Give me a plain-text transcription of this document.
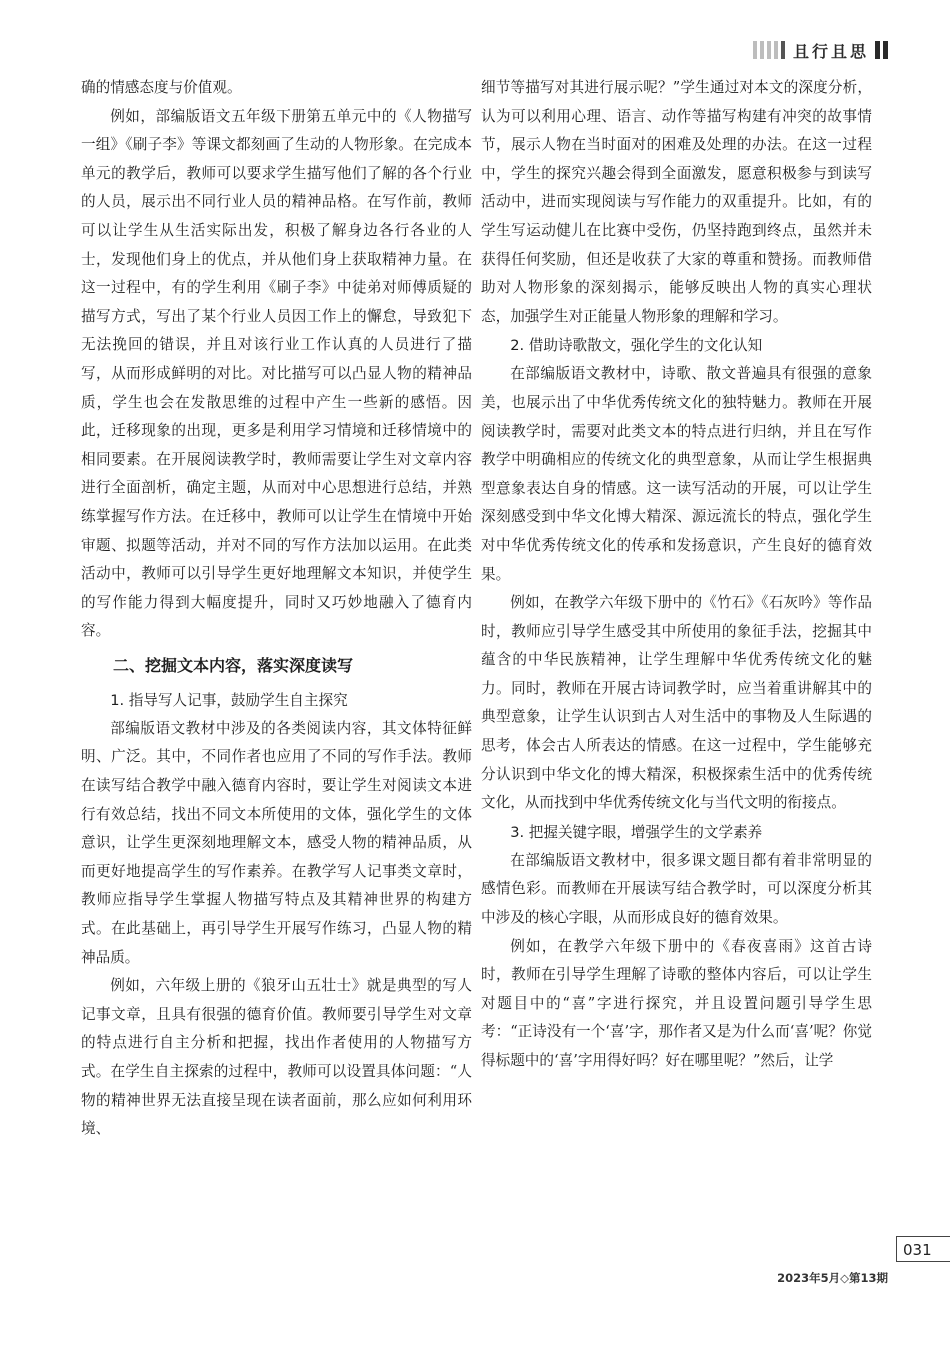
且行且思

确的情感态度与价值观。

例如，部编版语文五年级下册第五单元中的《人物描写一组》《刷子李》等课文都刻画了生动的人物形象。在完成本单元的教学后，教师可以要求学生描写他们了解的各个行业的人员，展示出不同行业人员的精神品格。在写作前，教师可以让学生从生活实际出发，积极了解身边各行各业的人士，发现他们身上的优点，并从他们身上获取精神力量。在这一过程中，有的学生利用《刷子李》中徒弟对师傅质疑的描写方式，写出了某个行业人员因工作上的懈怠，导致犯下无法挽回的错误，并且对该行业工作认真的人员进行了描写，从而形成鲜明的对比。对比描写可以凸显人物的精神品质，学生也会在发散思维的过程中产生一些新的感悟。因此，迁移现象的出现，更多是利用学习情境和迁移情境中的相同要素。在开展阅读教学时，教师需要让学生对文章内容进行全面剖析，确定主题，从而对中心思想进行总结，并熟练掌握写作方法。在迁移中，教师可以让学生在情境中开始审题、拟题等活动，并对不同的写作方法加以运用。在此类活动中，教师可以引导学生更好地理解文本知识，并使学生的写作能力得到大幅度提升，同时又巧妙地融入了德育内容。

二、挖掘文本内容，落实深度读写
1. 指导写人记事，鼓励学生自主探究

部编版语文教材中涉及的各类阅读内容，其文体特征鲜明、广泛。其中，不同作者也应用了不同的写作手法。教师在读写结合教学中融入德育内容时，要让学生对阅读文本进行有效总结，找出不同文本所使用的文体，强化学生的文体意识，让学生更深刻地理解文本，感受人物的精神品质，从而更好地提高学生的写作素养。在教学写人记事类文章时，教师应指导学生掌握人物描写特点及其精神世界的构建方式。在此基础上，再引导学生开展写作练习，凸显人物的精神品质。

例如，六年级上册的《狼牙山五壮士》就是典型的写人记事文章，且具有很强的德育价值。教师要引导学生对文章的特点进行自主分析和把握，找出作者使用的人物描写方式。在学生自主探索的过程中，教师可以设置具体问题：“人物的精神世界无法直接呈现在读者面前，那么应如何利用环境、

细节等描写对其进行展示呢？”学生通过对本文的深度分析，认为可以利用心理、语言、动作等描写构建有冲突的故事情节，展示人物在当时面对的困难及处理的办法。在这一过程中，学生的探究兴趣会得到全面激发，愿意积极参与到读写活动中，进而实现阅读与写作能力的双重提升。比如，有的学生写运动健儿在比赛中受伤，仍坚持跑到终点，虽然并未获得任何奖励，但还是收获了大家的尊重和赞扬。而教师借助对人物形象的深刻揭示，能够反映出人物的真实心理状态，加强学生对正能量人物形象的理解和学习。

2. 借助诗歌散文，强化学生的文化认知

在部编版语文教材中，诗歌、散文普遍具有很强的意象美，也展示出了中华优秀传统文化的独特魅力。教师在开展阅读教学时，需要对此类文本的特点进行归纳，并且在写作教学中明确相应的传统文化的典型意象，从而让学生根据典型意象表达自身的情感。这一读写活动的开展，可以让学生深刻感受到中华文化博大精深、源远流长的特点，强化学生对中华优秀传统文化的传承和发扬意识，产生良好的德育效果。

例如，在教学六年级下册中的《竹石》《石灰吟》等作品时，教师应引导学生感受其中所使用的象征手法，挖掘其中蕴含的中华民族精神，让学生理解中华优秀传统文化的魅力。同时，教师在开展古诗词教学时，应当着重讲解其中的典型意象，让学生认识到古人对生活中的事物及人生际遇的思考，体会古人所表达的情感。在这一过程中，学生能够充分认识到中华文化的博大精深，积极探索生活中的优秀传统文化，从而找到中华优秀传统文化与当代文明的衔接点。

3. 把握关键字眼，增强学生的文学素养

在部编版语文教材中，很多课文题目都有着非常明显的感情色彩。而教师在开展读写结合教学时，可以深度分析其中涉及的核心字眼，从而形成良好的德育效果。

例如，在教学六年级下册中的《春夜喜雨》这首古诗时，教师在引导学生理解了诗歌的整体内容后，可以让学生对题目中的“喜”字进行探究，并且设置问题引导学生思考：“正诗没有一个‘喜’字，那作者又是为什么而‘喜’呢？你觉得标题中的‘喜’字用得好吗？好在哪里呢？”然后，让学

031
2023年5月◇第13期
